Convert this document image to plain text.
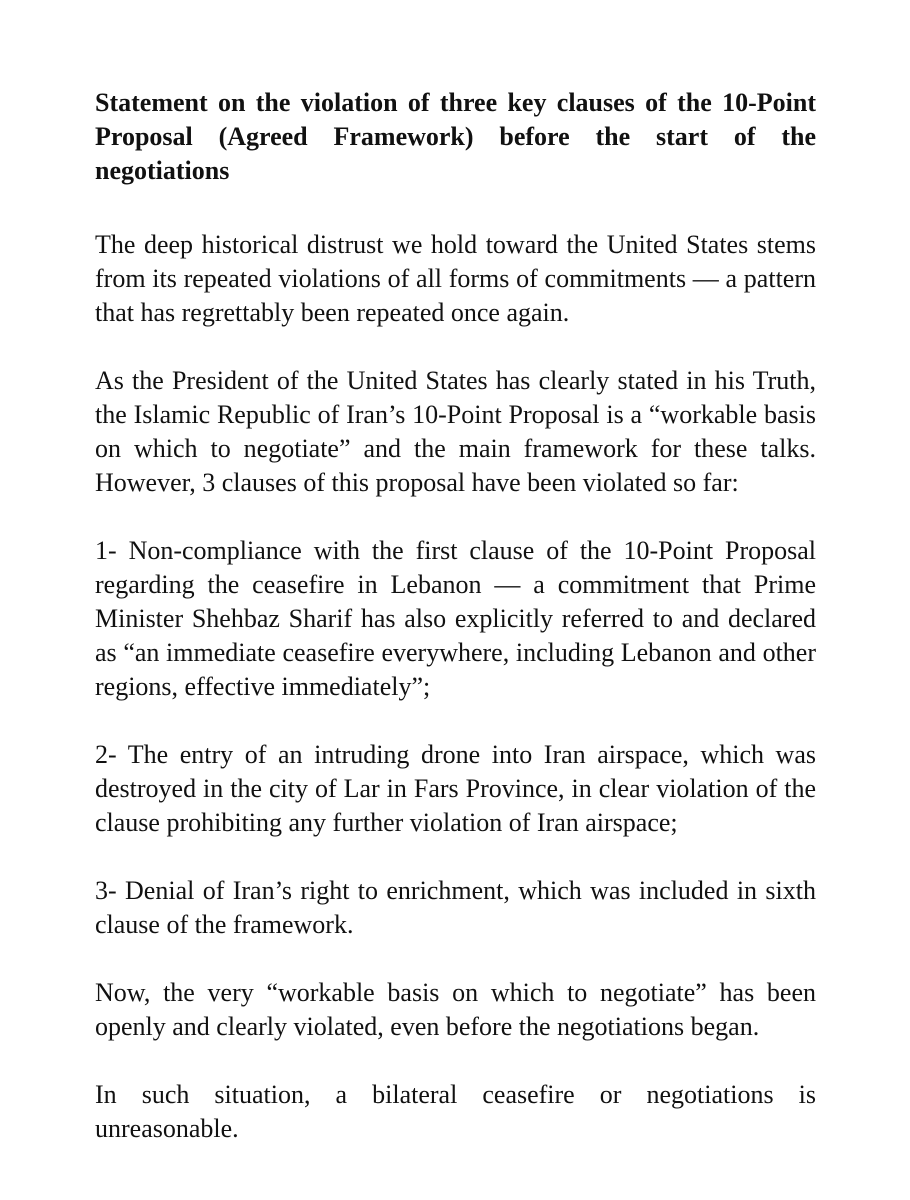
Statement on the violation of three key clauses of the 10-Point Proposal (Agreed Framework) before the start of the negotiations
The deep historical distrust we hold toward the United States stems from its repeated violations of all forms of commitments — a pattern that has regrettably been repeated once again.
As the President of the United States has clearly stated in his Truth, the Islamic Republic of Iran’s 10-Point Proposal is a “workable basis on which to negotiate” and the main framework for these talks. However, 3 clauses of this proposal have been violated so far:
1- Non-compliance with the first clause of the 10-Point Proposal regarding the ceasefire in Lebanon — a commitment that Prime Minister Shehbaz Sharif has also explicitly referred to and declared as “an immediate ceasefire everywhere, including Lebanon and other regions, effective immediately”;
2- The entry of an intruding drone into Iran airspace, which was destroyed in the city of Lar in Fars Province, in clear violation of the clause prohibiting any further violation of Iran airspace;
3- Denial of Iran’s right to enrichment, which was included in sixth clause of the framework.
Now, the very “workable basis on which to negotiate” has been openly and clearly violated, even before the negotiations began.
In such situation, a bilateral ceasefire or negotiations is unreasonable.
